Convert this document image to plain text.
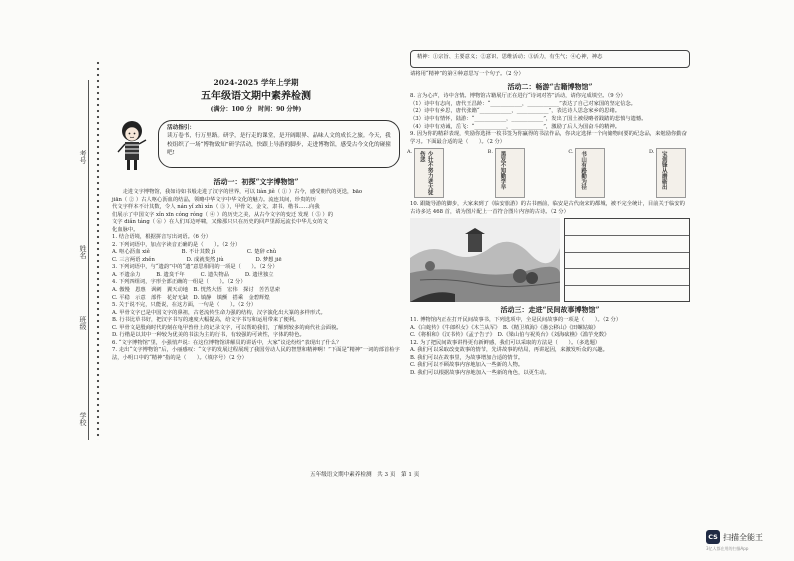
考号
姓名
班级
学校
2024-2025 学年上学期
五年级语文期中素养检测
(满分：100 分　时间：90 分钟)
活动指引：
读万卷书，行万里路。研学，是行走的课堂，是开阔眼界、品味人文的成长之旅。今天，我校组织了一场“博物致知”研学活动，快跟上导游的脚步，走进博物馆，感受古今文化的碰撞吧!
活动一：初探“文字博物馆”
　　走进文字博物馆，我如诗如书般走进了汉字的世界，可以 liàn jiě（ ① ）古今，感受朝代的更迭，bāo
jiān（ ② ）古人呕心沥血的结晶，领略中华文字中华文化的魅力。流连其间，珍贵的历
代文字样本不计其数，令人 nán yǐ zhì xìn（ ③ ），甲骨文、金文、隶书、楷书……向我
们展示了中国文字 xǐn xīn cóng róng（ ④ ）的历史之美，从古今文字的变迁 发现（ ⑤ ）的
文字 diǎn táng（ ⑥ ）在人们耳边呼啸，又像那只只在历史的回声里源远流长中华儿女的文
化血脉中。
1. 结合语境，根据拼音写出词语。（6 分）
2. 下列词语中，加点字读音正确的是（　　）。（2 分）
A. 呕心沥血 xiě　　　　　　B. 不计其数 jì　　　　　　C. 楚辞 chǔ
C. 三言两语 zhěn　　　　　　D. 成就斐然 jiù　　　　　　D. 梦想 jiē
3. 下列词语中，与“遗韵”中的“遗”意思相同的一项是（　　）。（2 分）
A. 不遗余力　　　B. 遗臭千年　　　C. 遗失物品　　　D. 遗世独立
4. 下列四组词，字形全部正确的一组是（　　）。（2 分）
A. 傲慢　恩惠　讽刺　翼天动地　B. 恍然大悟　宏伟　探讨　苦苦思索
C. 平稳　示意　部件　花好无缺　D. 镇静　镇颤　搭乘　金碧辉煌
5. 关于说不完，只能说，在这方面，一句是（　　）。（2 分）
A. 甲骨文字已是中国文字的鼻祖，古老流传生命力强的结构，汉字演化出大篆的多样形式。
B. 行书比草书好，把汉字书写的速度大幅提高，给文字书写和运用带来了便利。
C. 甲骨文是殷商时代的刻在龟甲兽骨上的记录文字，可以帮助我们，了解到较多的商代社会面貌。
D. 行楷是以其中一种较为优美的书法为主的行书，有较强的可读性，字体的特色。
6. “文字博物馆”里，小强悄声说：在这位博物馆讲解员的讲话中，大家“议论纷纷”表现出了什么？
7. 走出“文字博物馆”后，小丽感叹：“文字的发展过程展现了我国劳动人民的智慧和精神啊！”下面是“精神”一词的部首检字法，小明口中的“精神”指的是（　　）。（填序号）（2 分）
精神：①宗旨、主要意义；②意识、思维活动；③活力，有生气；④心神，神态
请将用“精神”的第④种意思写一个句子。（2 分）
活动二：畅游“古籍博物馆”
8. 言为心声，诗中含情。博物馆古籍展厅正在进行“诗词对答”活动，请你完成填空。（9 分）
（1）诗中有志向，唐代王昌龄：“____________，____________”表达了自己对家国的坚定信念。
（2）诗中有乡思，唐代张籍“____________，____________”，表达诗人思念家乡的思绪。
（3）诗中有情怀，陆游：“____________，____________”，发出了国土被侵略者践踏的悲愤与遗憾。
（4）诗中有劝诫，岳飞：“____________，____________”，激励了后人为国奋斗的精神。
9. 因为你的精彩表现，奖励你选择一枚书签为你赢得的书法作品，你决定选择一个向储物间要的纪念品，来勉励你勤奋学习。下面最合适的是（　　）。（2 分）
A.	少壮不努力老大徒伤悲	B.	黑发不知勤学早	C.	书山有路勤为径	D.	宝剑锋从磨砺出
10. 跟随导游的脚步，大家来到了《临安旅游》的古书画前，临安是古代南宋的都城，被不完全统计，目前关于临安的古诗多达 468 首，请为图片配上一首符合图片内容的古诗。（2 分）
活动三：走进“民间故事博物馆”
11. 博物馆内正在打开民间故事书，下列选项中，全是民间故事的一项是（　　）。（2 分）
A.《白蛇传》《牛郎织女》《木兰从军》　B.《精卫填海》《愚公移山》《田螺姑娘》
C.《将相和》《汉书传》《孟子告子》　D.《梁山伯与祝英台》《刘海砍樵》《滥竽充数》
12. 为了把民间故事讲得更有新鲜感，我们可以采取的方法是（　　）。（多选题）
A. 我们可以采取改变故事的情节，先讲故事的结局，再讲起因，来激发听众的兴趣。
B. 我们可以在故事里，为故事增加合适的情节。
C. 我们可以不顾故事内容地加入一些新的人物。
D. 我们可以根据故事内容地加入一些新的角色，以更生动。
五年级语文期中素养检测　共 3 页　第 1 页
CS 扫描全能王
3亿人都在用的扫描App
